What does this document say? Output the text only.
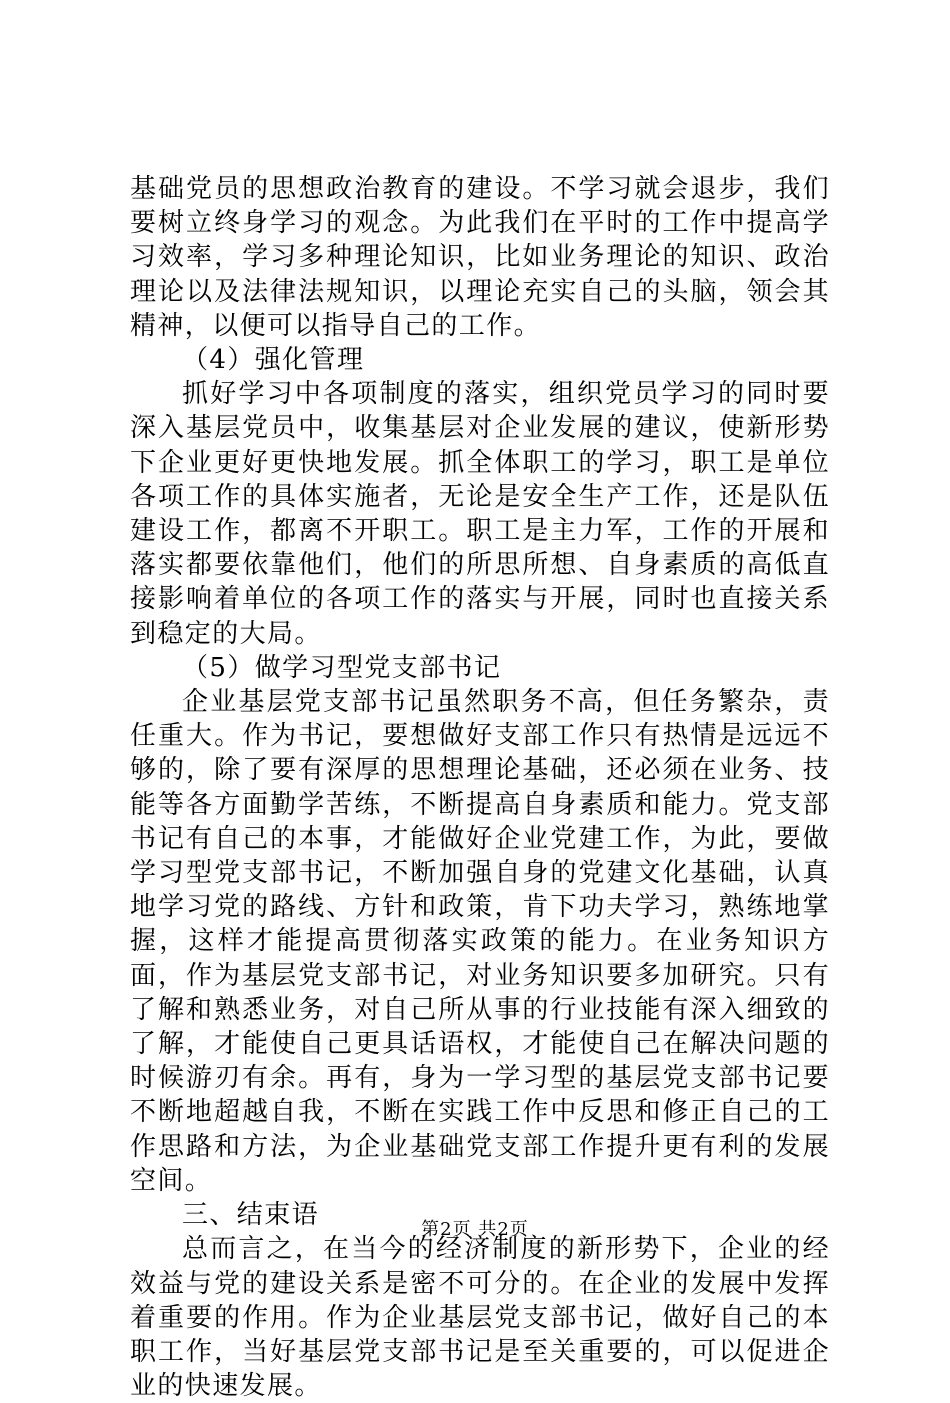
基础党员的思想政治教育的建设。不学习就会退步，我们要树立终身学习的观念。为此我们在平时的工作中提高学习效率，学习多种理论知识，比如业务理论的知识、政治理论以及法律法规知识，以理论充实自己的头脑，领会其精神，以便可以指导自己的工作。

（4）强化管理

抓好学习中各项制度的落实，组织党员学习的同时要深入基层党员中，收集基层对企业发展的建议，使新形势下企业更好更快地发展。抓全体职工的学习，职工是单位各项工作的具体实施者，无论是安全生产工作，还是队伍建设工作，都离不开职工。职工是主力军，工作的开展和落实都要依靠他们，他们的所思所想、自身素质的高低直接影响着单位的各项工作的落实与开展，同时也直接关系到稳定的大局。

（5）做学习型党支部书记

企业基层党支部书记虽然职务不高，但任务繁杂，责任重大。作为书记，要想做好支部工作只有热情是远远不够的，除了要有深厚的思想理论基础，还必须在业务、技能等各方面勤学苦练，不断提高自身素质和能力。党支部书记有自己的本事，才能做好企业党建工作，为此，要做学习型党支部书记，不断加强自身的党建文化基础，认真地学习党的路线、方针和政策，肯下功夫学习，熟练地掌握，这样才能提高贯彻落实政策的能力。在业务知识方面，作为基层党支部书记，对业务知识要多加研究。只有了解和熟悉业务，对自己所从事的行业技能有深入细致的了解，才能使自己更具话语权，才能使自己在解决问题的时候游刃有余。再有，身为一学习型的基层党支部书记要不断地超越自我，不断在实践工作中反思和修正自己的工作思路和方法，为企业基础党支部工作提升更有利的发展空间。

三、结束语

总而言之，在当今的经济制度的新形势下，企业的经效益与党的建设关系是密不可分的。在企业的发展中发挥着重要的作用。作为企业基层党支部书记，做好自己的本职工作，当好基层党支部书记是至关重要的，可以促进企业的快速发展。

第2页 共2页
